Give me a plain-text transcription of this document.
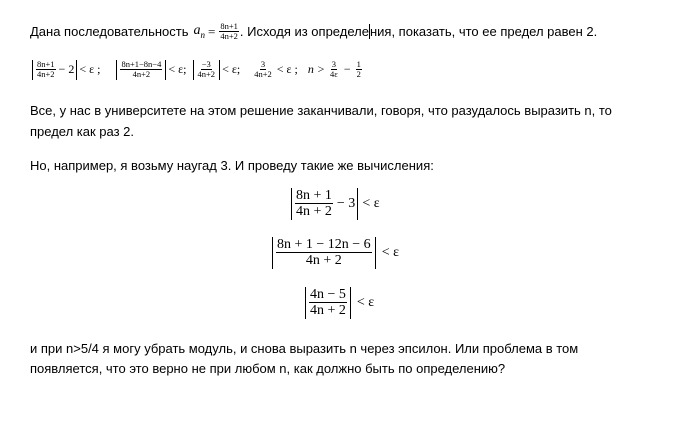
Дана последовательность $a_n = \frac{8n+1}{4n+2}$ . Исходя из определе ния, показать, что ее предел равен 2.
$\frac{8n+1}{4n+2} - 2 < \varepsilon$ ; $\frac{8n+1-8n-4}{4n+2} < \varepsilon$ ; $\frac{-3}{4n+2} < \varepsilon$; $\frac{3}{4n+2} < \varepsilon$ ; $n > \frac{3}{4\varepsilon} - \frac{1}{2}$
Все, у нас в университете на этом решение заканчивали, говоря, что разудалось выразить n, то
предел как раз 2.
Но, например, я возьму наугад 3. И проведу такие же вычисления:
$\frac{8n + 1}{4n + 2} - 3 < \varepsilon$
$\frac{8n + 1 - 12n - 6}{4n + 2} < \varepsilon$
$\frac{4n - 5}{4n + 2} < \varepsilon$
и при n>5/4 я могу убрать модуль, и снова выразить n через эпсилон. Или проблема в том
появляется, что это верно не при любом n, как должно быть по определению?
